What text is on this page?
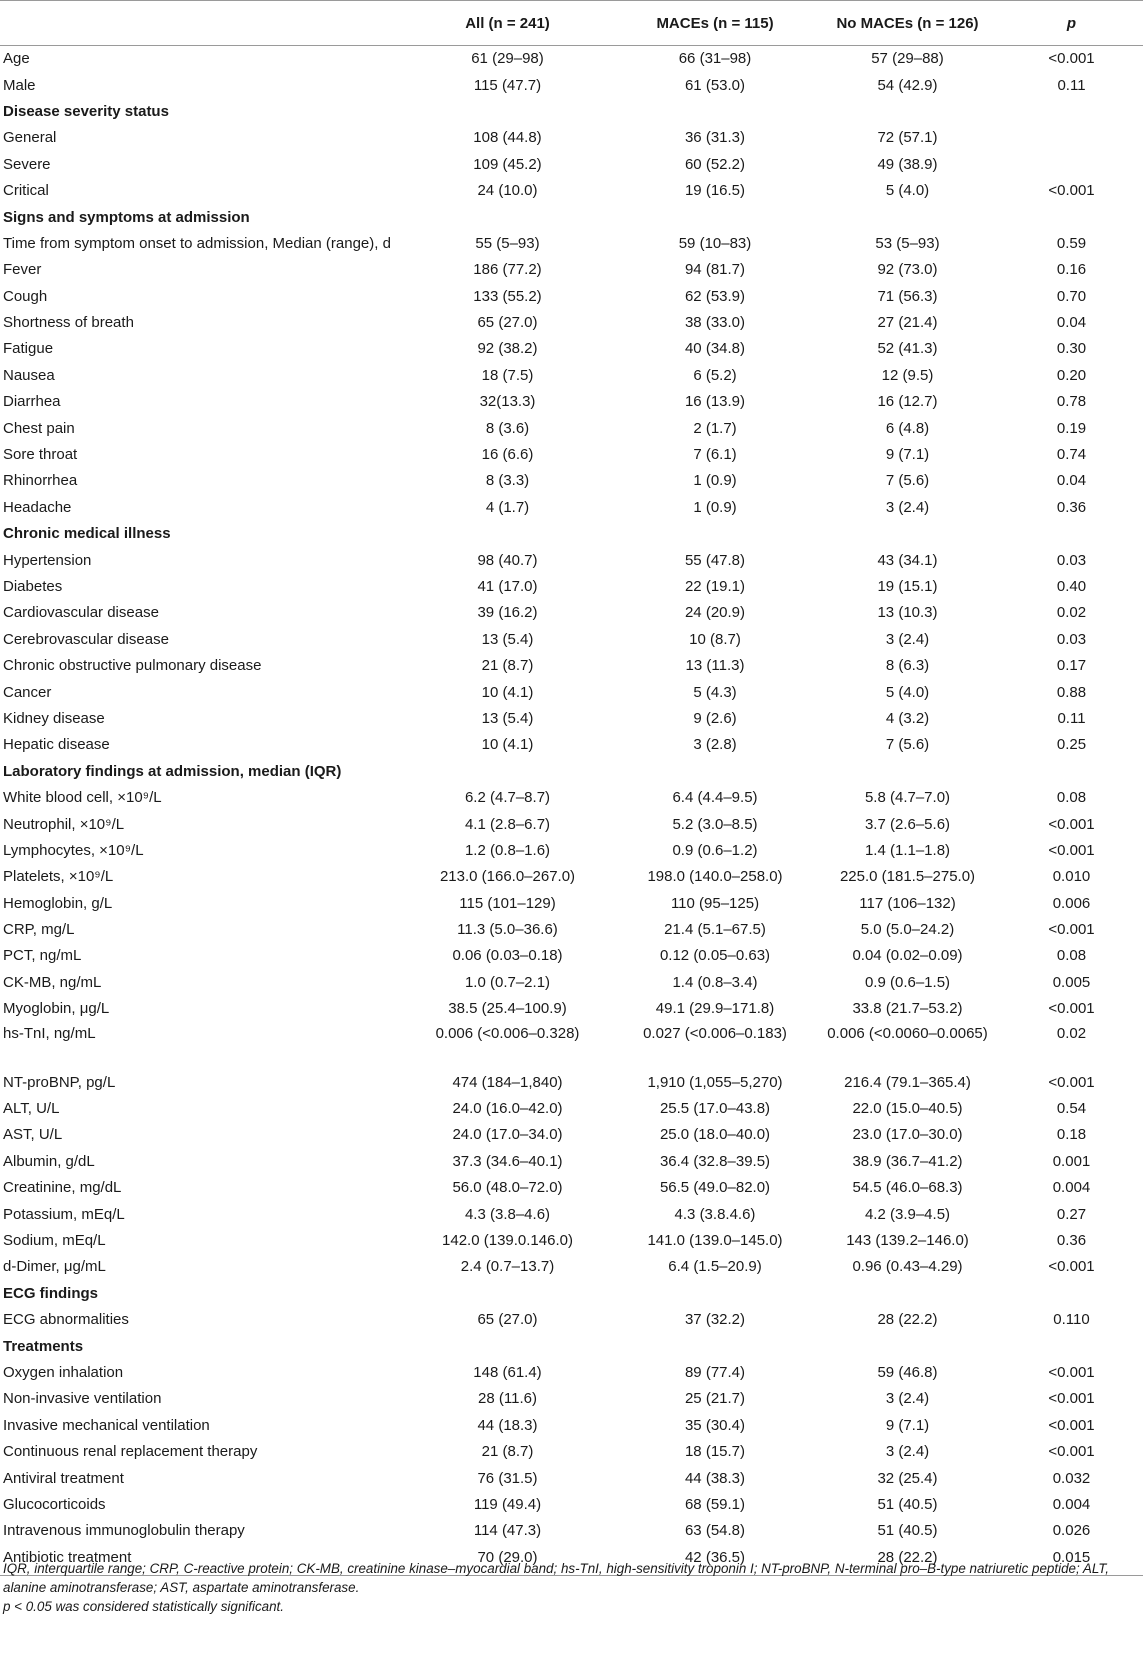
	All (n = 241)	MACEs (n = 115)	No MACEs (n = 126)	p
Age	61 (29–98)	66 (31–98)	57 (29–88)	<0.001
Male	115 (47.7)	61 (53.0)	54 (42.9)	0.11
Disease severity status				
General	108 (44.8)	36 (31.3)	72 (57.1)	
Severe	109 (45.2)	60 (52.2)	49 (38.9)	
Critical	24 (10.0)	19 (16.5)	5 (4.0)	<0.001
Signs and symptoms at admission				
Time from symptom onset to admission, Median (range), d	55 (5–93)	59 (10–83)	53 (5–93)	0.59
Fever	186 (77.2)	94 (81.7)	92 (73.0)	0.16
Cough	133 (55.2)	62 (53.9)	71 (56.3)	0.70
Shortness of breath	65 (27.0)	38 (33.0)	27 (21.4)	0.04
Fatigue	92 (38.2)	40 (34.8)	52 (41.3)	0.30
Nausea	18 (7.5)	6 (5.2)	12 (9.5)	0.20
Diarrhea	32(13.3)	16 (13.9)	16 (12.7)	0.78
Chest pain	8 (3.6)	2 (1.7)	6 (4.8)	0.19
Sore throat	16 (6.6)	7 (6.1)	9 (7.1)	0.74
Rhinorrhea	8 (3.3)	1 (0.9)	7 (5.6)	0.04
Headache	4 (1.7)	1 (0.9)	3 (2.4)	0.36
Chronic medical illness				
Hypertension	98 (40.7)	55 (47.8)	43 (34.1)	0.03
Diabetes	41 (17.0)	22 (19.1)	19 (15.1)	0.40
Cardiovascular disease	39 (16.2)	24 (20.9)	13 (10.3)	0.02
Cerebrovascular disease	13 (5.4)	10 (8.7)	3 (2.4)	0.03
Chronic obstructive pulmonary disease	21 (8.7)	13 (11.3)	8 (6.3)	0.17
Cancer	10 (4.1)	5 (4.3)	5 (4.0)	0.88
Kidney disease	13 (5.4)	9 (2.6)	4 (3.2)	0.11
Hepatic disease	10 (4.1)	3 (2.8)	7 (5.6)	0.25
Laboratory findings at admission, median (IQR)				
White blood cell, ×10⁹/L	6.2 (4.7–8.7)	6.4 (4.4–9.5)	5.8 (4.7–7.0)	0.08
Neutrophil, ×10⁹/L	4.1 (2.8–6.7)	5.2 (3.0–8.5)	3.7 (2.6–5.6)	<0.001
Lymphocytes, ×10⁹/L	1.2 (0.8–1.6)	0.9 (0.6–1.2)	1.4 (1.1–1.8)	<0.001
Platelets, ×10⁹/L	213.0 (166.0–267.0)	198.0 (140.0–258.0)	225.0 (181.5–275.0)	0.010
Hemoglobin, g/L	115 (101–129)	110 (95–125)	117 (106–132)	0.006
CRP, mg/L	11.3 (5.0–36.6)	21.4 (5.1–67.5)	5.0 (5.0–24.2)	<0.001
PCT, ng/mL	0.06 (0.03–0.18)	0.12 (0.05–0.63)	0.04 (0.02–0.09)	0.08
CK-MB, ng/mL	1.0 (0.7–2.1)	1.4 (0.8–3.4)	0.9 (0.6–1.5)	0.005
Myoglobin, μg/L	38.5 (25.4–100.9)	49.1 (29.9–171.8)	33.8 (21.7–53.2)	<0.001
hs-TnI, ng/mL	0.006 (<0.006–0.328)	0.027 (<0.006–0.183)	0.006 (<0.0060–0.0065)	0.02
NT-proBNP, pg/L	474 (184–1,840)	1,910 (1,055–5,270)	216.4 (79.1–365.4)	<0.001
ALT, U/L	24.0 (16.0–42.0)	25.5 (17.0–43.8)	22.0 (15.0–40.5)	0.54
AST, U/L	24.0 (17.0–34.0)	25.0 (18.0–40.0)	23.0 (17.0–30.0)	0.18
Albumin, g/dL	37.3 (34.6–40.1)	36.4 (32.8–39.5)	38.9 (36.7–41.2)	0.001
Creatinine, mg/dL	56.0 (48.0–72.0)	56.5 (49.0–82.0)	54.5 (46.0–68.3)	0.004
Potassium, mEq/L	4.3 (3.8–4.6)	4.3 (3.8.4.6)	4.2 (3.9–4.5)	0.27
Sodium, mEq/L	142.0 (139.0.146.0)	141.0 (139.0–145.0)	143 (139.2–146.0)	0.36
d-Dimer, μg/mL	2.4 (0.7–13.7)	6.4 (1.5–20.9)	0.96 (0.43–4.29)	<0.001
ECG findings				
ECG abnormalities	65 (27.0)	37 (32.2)	28 (22.2)	0.110
Treatments				
Oxygen inhalation	148 (61.4)	89 (77.4)	59 (46.8)	<0.001
Non-invasive ventilation	28 (11.6)	25 (21.7)	3 (2.4)	<0.001
Invasive mechanical ventilation	44 (18.3)	35 (30.4)	9 (7.1)	<0.001
Continuous renal replacement therapy	21 (8.7)	18 (15.7)	3 (2.4)	<0.001
Antiviral treatment	76 (31.5)	44 (38.3)	32 (25.4)	0.032
Glucocorticoids	119 (49.4)	68 (59.1)	51 (40.5)	0.004
Intravenous immunoglobulin therapy	114 (47.3)	63 (54.8)	51 (40.5)	0.026
Antibiotic treatment	70 (29.0)	42 (36.5)	28 (22.2)	0.015
IQR, interquartile range; CRP, C-reactive protein; CK-MB, creatinine kinase–myocardial band; hs-TnI, high-sensitivity troponin I; NT-proBNP, N-terminal pro–B-type natriuretic peptide; ALT, alanine aminotransferase; AST, aspartate aminotransferase.
p < 0.05 was considered statistically significant.
